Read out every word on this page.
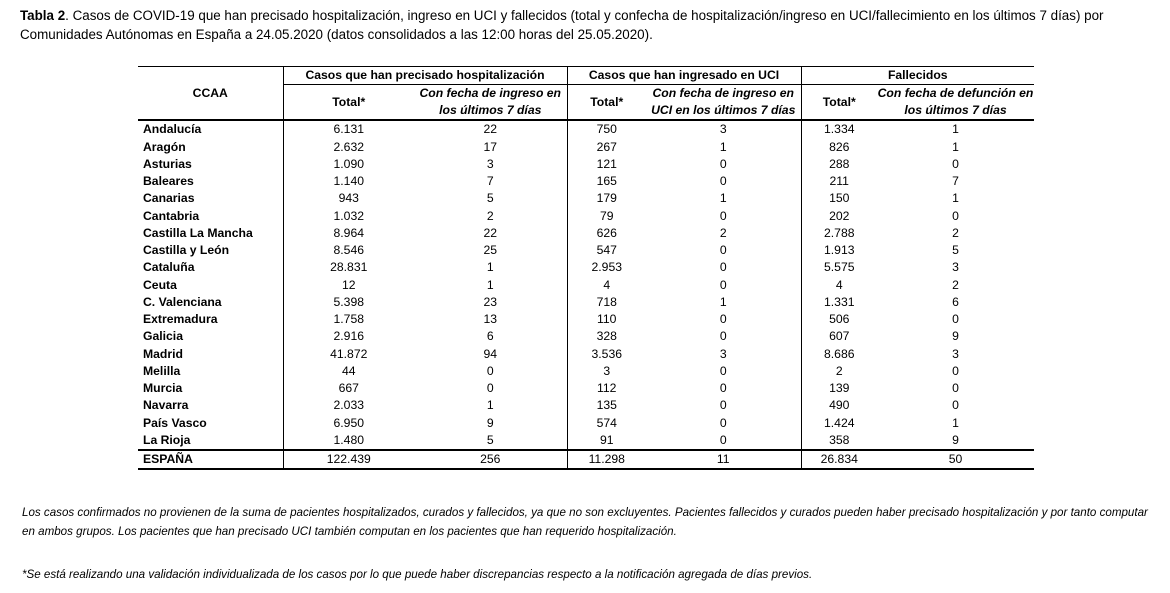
Tabla 2. Casos de COVID-19 que han precisado hospitalización, ingreso en UCI y fallecidos (total y confecha de hospitalización/ingreso en UCI/fallecimiento en los últimos 7 días) por Comunidades Autónomas en España a 24.05.2020 (datos consolidados a las 12:00 horas del 25.05.2020).
CCAA	Casos que han precisado hospitalización		Casos que han ingresado en UCI		Fallecidos	
	Total*	Con fecha de ingreso en los últimos 7 días	Total*	Con fecha de ingreso en UCI en los últimos 7 días	Total*	Con fecha de defunción en los últimos 7 días
Andalucía	6.131	22	750	3	1.334	1
Aragón	2.632	17	267	1	826	1
Asturias	1.090	3	121	0	288	0
Baleares	1.140	7	165	0	211	7
Canarias	943	5	179	1	150	1
Cantabria	1.032	2	79	0	202	0
Castilla La Mancha	8.964	22	626	2	2.788	2
Castilla y León	8.546	25	547	0	1.913	5
Cataluña	28.831	1	2.953	0	5.575	3
Ceuta	12	1	4	0	4	2
C. Valenciana	5.398	23	718	1	1.331	6
Extremadura	1.758	13	110	0	506	0
Galicia	2.916	6	328	0	607	9
Madrid	41.872	94	3.536	3	8.686	3
Melilla	44	0	3	0	2	0
Murcia	667	0	112	0	139	0
Navarra	2.033	1	135	0	490	0
País Vasco	6.950	9	574	0	1.424	1
La Rioja	1.480	5	91	0	358	9
ESPAÑA	122.439	256	11.298	11	26.834	50
Los casos confirmados no provienen de la suma de pacientes hospitalizados, curados y fallecidos, ya que no son excluyentes. Pacientes fallecidos y curados pueden haber precisado hospitalización y por tanto computar en ambos grupos. Los pacientes que han precisado UCI también computan en los pacientes que han requerido hospitalización.
*Se está realizando una validación individualizada de los casos por lo que puede haber discrepancias respecto a la notificación agregada de días previos.
